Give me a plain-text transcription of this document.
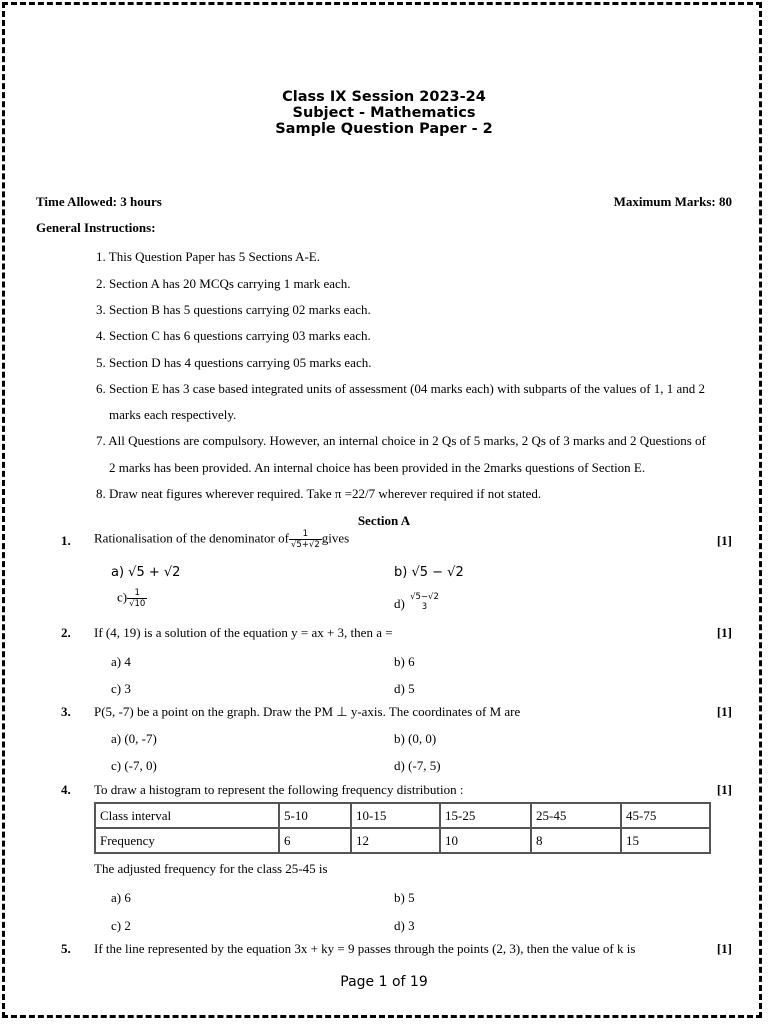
Class IX Session 2023-24
Subject - Mathematics
Sample Question Paper - 2
Time Allowed: 3 hours	Maximum Marks: 80
General Instructions:
1. This Question Paper has 5 Sections A-E.
2. Section A has 20 MCQs carrying 1 mark each.
3. Section B has 5 questions carrying 02 marks each.
4. Section C has 6 questions carrying 03 marks each.
5. Section D has 4 questions carrying 05 marks each.
6. Section E has 3 case based integrated units of assessment (04 marks each) with subparts of the values of 1, 1 and 2
marks each respectively.
7. All Questions are compulsory. However, an internal choice in 2 Qs of 5 marks, 2 Qs of 3 marks and 2 Questions of
2 marks has been provided. An internal choice has been provided in the 2marks questions of Section E.
8. Draw neat figures wherever required. Take π =22/7 wherever required if not stated.
Section A
1. Rationalisation of the denominator of $\frac{1}{√5+√2}$ gives	[1]
a) √5 + √2	b) √5 − √2
$c) \frac{1}{√10}$	d) √5−√2
3
2. If (4, 19) is a solution of the equation y = ax + 3, then a =	[1]
a) 4	b) 6
c) 3	d) 5
3. P(5, -7) be a point on the graph. Draw the PM ⊥ y-axis. The coordinates of M are	[1]
a) (0, -7)	b) (0, 0)
c) (-7, 0)	d) (-7, 5)
4. To draw a histogram to represent the following frequency distribution :	[1]
Class interval	5-10	10-15	15-25	25-45	45-75
Frequency	6	12	10	8	15
The adjusted frequency for the class 25-45 is
a) 6	b) 5
c) 2	d) 3
5. If the line represented by the equation 3x + ky = 9 passes through the points (2, 3), then the value of k is	[1]
Page 1 of 19
